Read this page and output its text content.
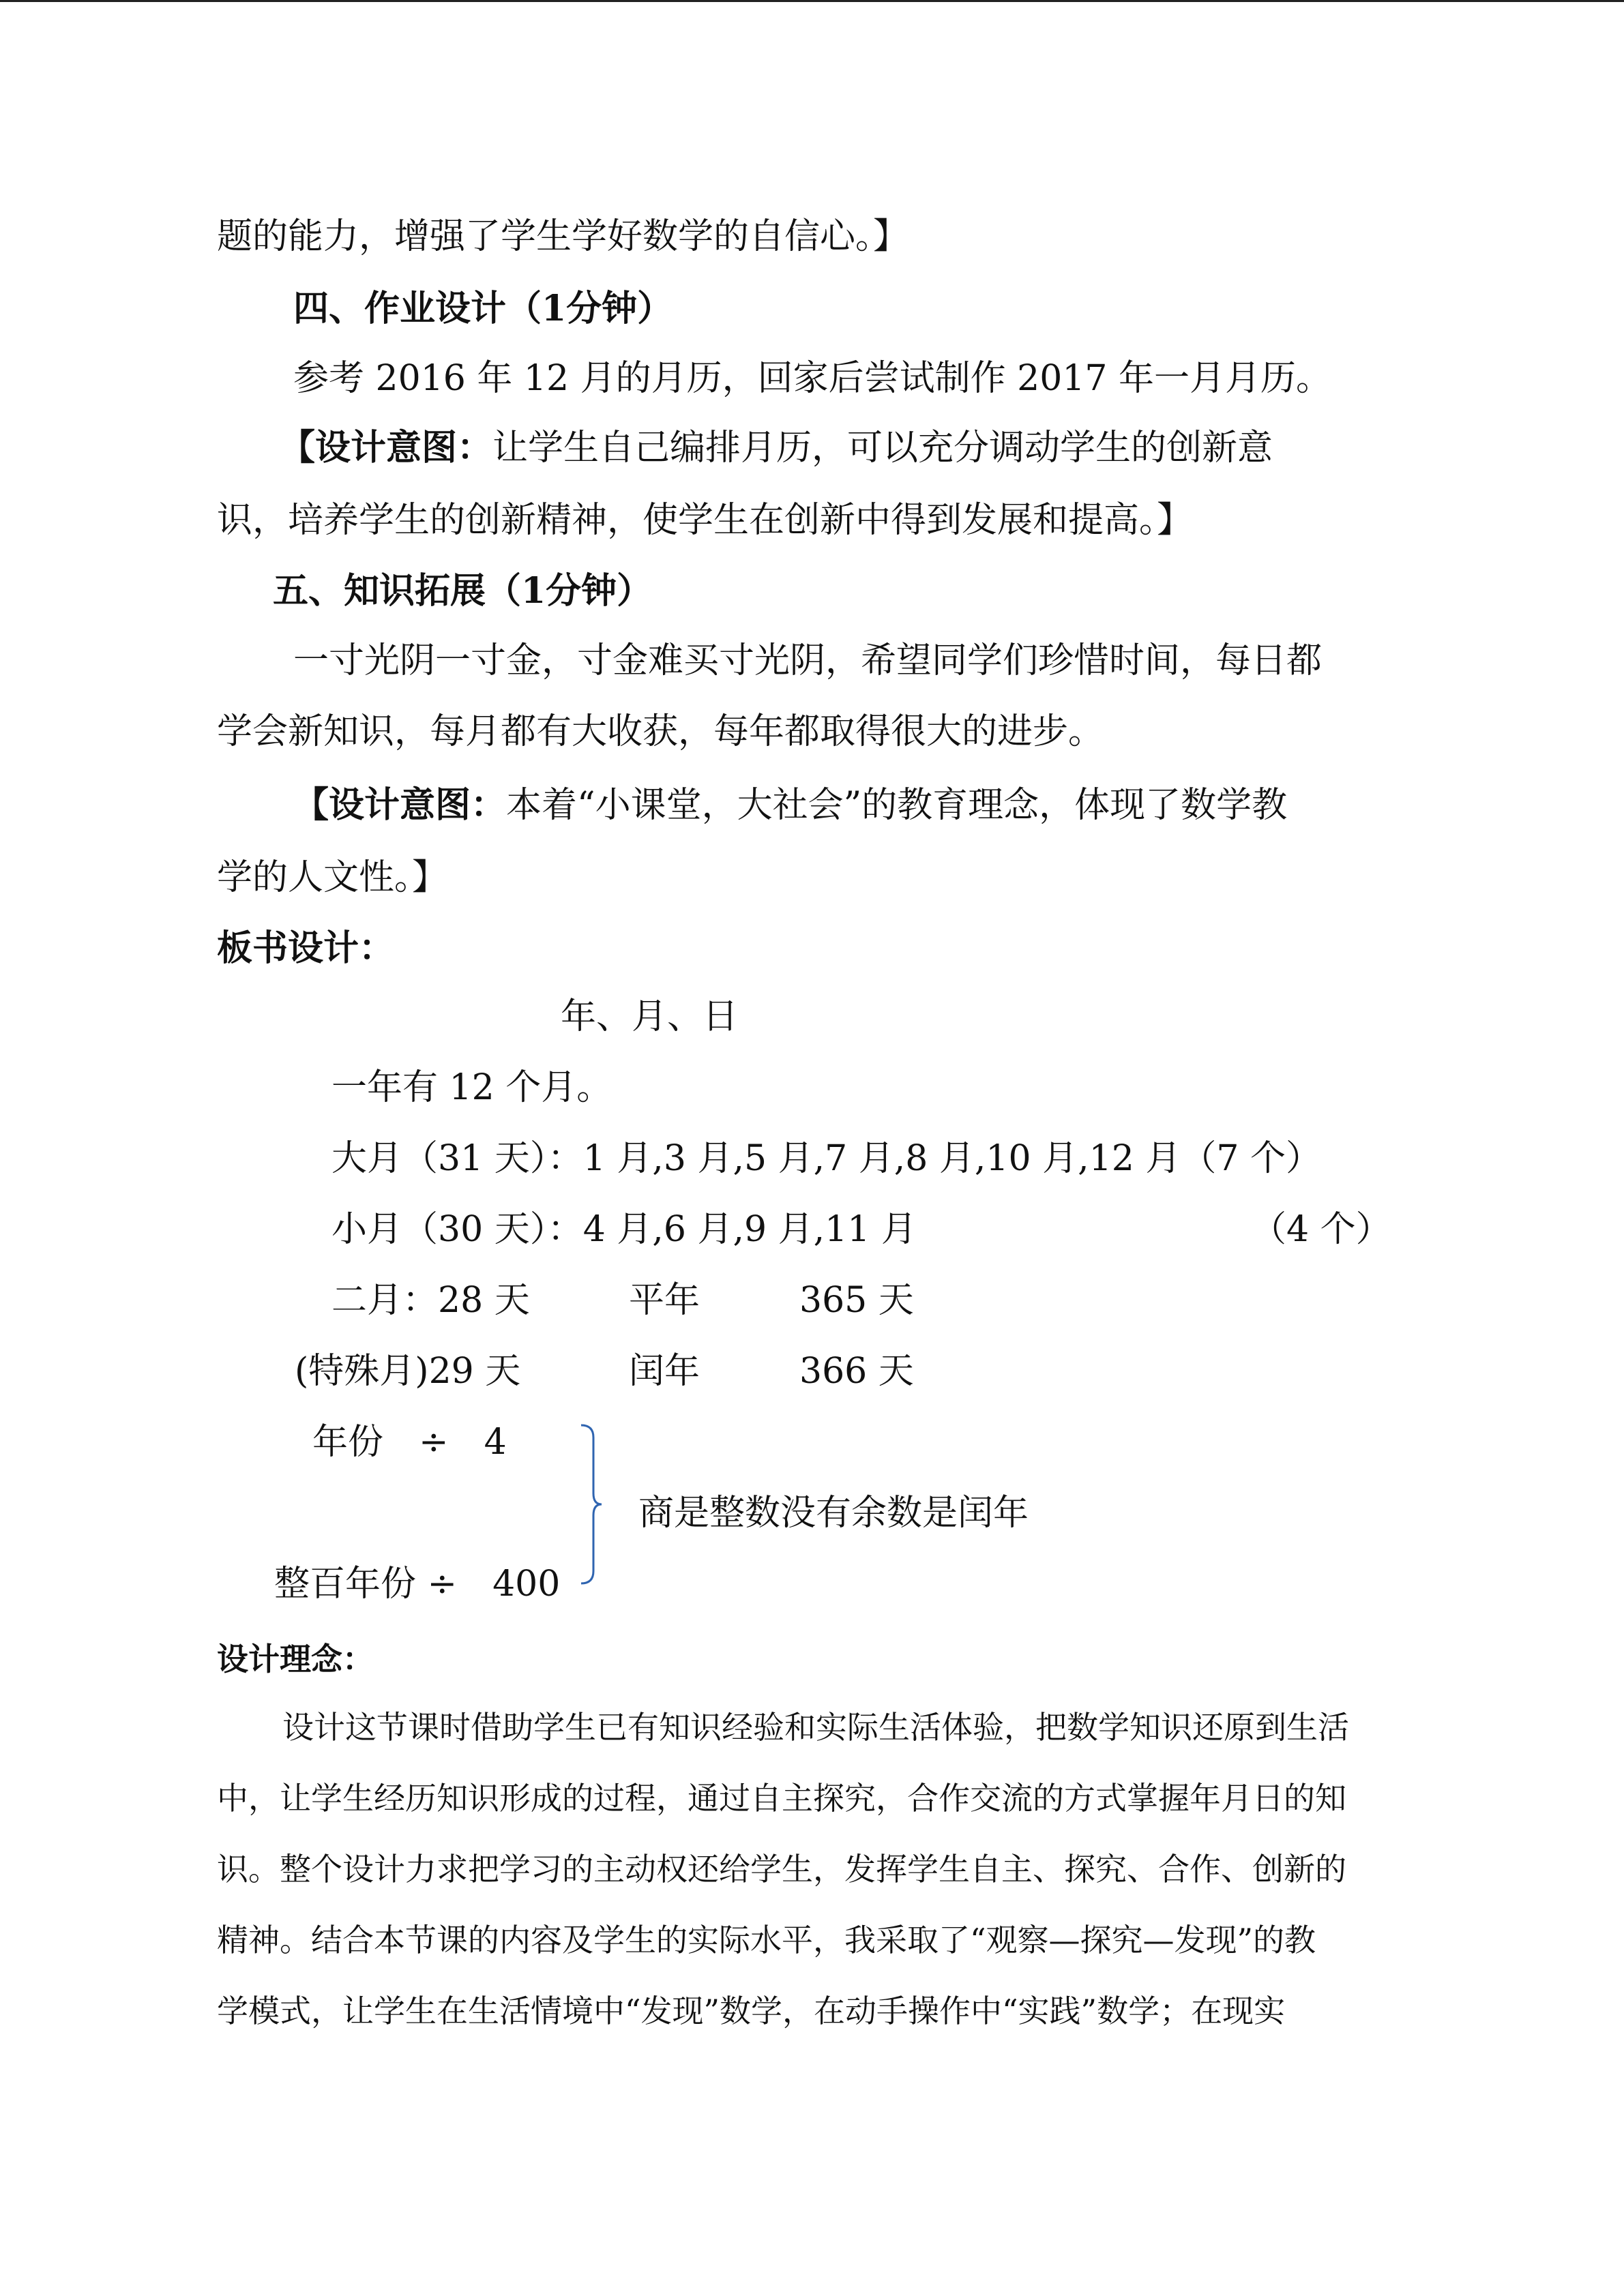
题的能力，增强了学生学好数学的自信心。】
四、作业设计（1分钟）
参考 2016 年 12 月的月历，回家后尝试制作 2017 年一月月历。
【设计意图：让学生自己编排月历，可以充分调动学生的创新意
识，培养学生的创新精神，使学生在创新中得到发展和提高。】
五、知识拓展（1分钟）
一寸光阴一寸金，寸金难买寸光阴，希望同学们珍惜时间，每日都
学会新知识，每月都有大收获，每年都取得很大的进步。
【设计意图：本着“小课堂，大社会”的教育理念，体现了数学教
学的人文性。】
板书设计：
年、月、日
一年有 12 个月。
大月（31 天）：1 月,3 月,5 月,7 月,8 月,10 月,12 月（7 个）
小月（30 天）：4 月,6 月,9 月,11 月	（4 个）
二月：28 天	平年	365 天
(特殊月)29 天	闰年	366 天
年份　÷　4
整百年份 ÷　400
商是整数没有余数是闰年
设计理念：
设计这节课时借助学生已有知识经验和实际生活体验，把数学知识还原到生活
中，让学生经历知识形成的过程，通过自主探究，合作交流的方式掌握年月日的知
识。整个设计力求把学习的主动权还给学生，发挥学生自主、探究、合作、创新的
精神。结合本节课的内容及学生的实际水平，我采取了“观察—探究—发现”的教
学模式，让学生在生活情境中“发现”数学，在动手操作中“实践”数学；在现实
